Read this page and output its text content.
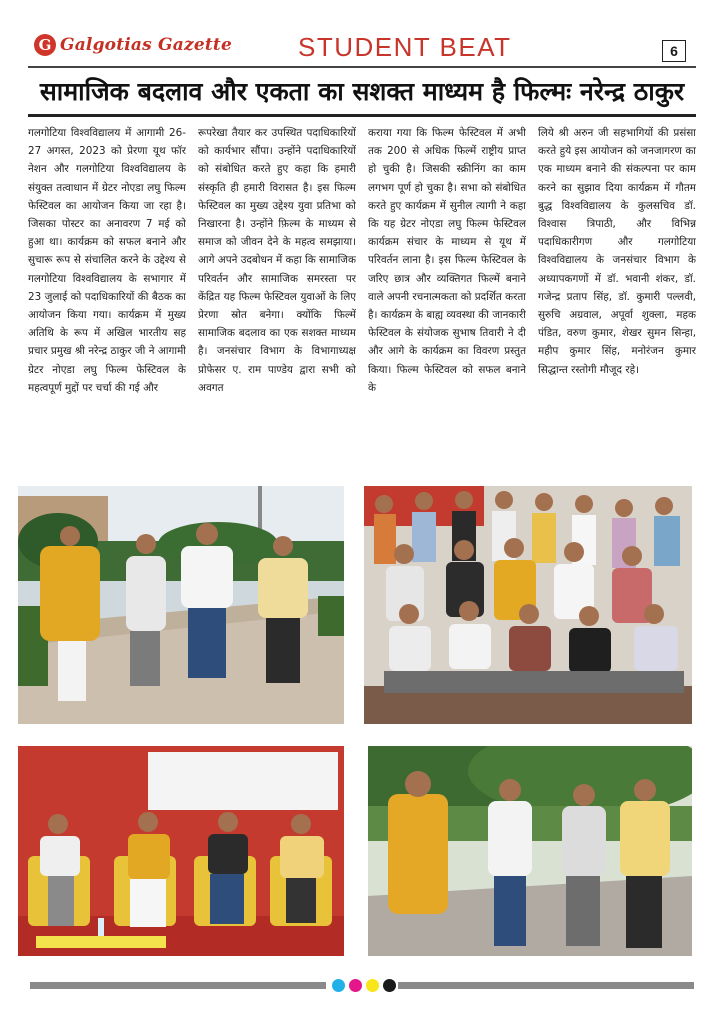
G Galgotias Gazette	STUDENT BEAT	6
सामाजिक बदलाव और एकता का सशक्त माध्यम है फिल्मः नरेन्द्र ठाकुर
गलगोटिया विश्वविद्यालय में आगामी 26-27 अगस्त, 2023 को प्रेरणा यूथ फॉर नेशन और गलगोटिया विश्वविद्यालय के संयुक्त तत्वाधान में ग्रेटर नोएडा लघु फिल्म फेस्टिवल का आयोजन किया जा रहा है। जिसका पोस्टर का अनावरण 7 मई को हुआ था। कार्यक्रम को सफल बनाने और सुचारू रूप से संचालित करने के उद्देश्य से गलगोटिया विश्वविद्यालय के सभागार में 23 जुलाई को पदाधिकारियों की बैठक का आयोजन किया गया। कार्यक्रम में मुख्य अतिथि के रूप में अखिल भारतीय सह प्रचार प्रमुख श्री नरेन्द्र ठाकुर जी ने आगामी ग्रेटर नोएडा लघु फिल्म फेस्टिवल के महत्वपूर्ण मुद्दों पर चर्चा की गई और
रूपरेखा तैयार कर उपस्थित पदाधिकारियों को कार्यभार सौंपा। उन्होंने पदाधिकारियों को संबोधित करते हुए कहा कि हमारी संस्कृति ही हमारी विरासत है। इस फिल्म फेस्टिवल का मुख्य उद्देश्य युवा प्रतिभा को निखारना है। उन्होंने फ़िल्म के माध्यम से समाज को जीवन देने के महत्व समझाया। आगे अपने उदबोधन में कहा कि सामाजिक परिवर्तन और सामाजिक समरस्ता पर केंद्रित यह फिल्म फेस्टिवल युवाओं के लिए प्रेरणा स्रोत बनेगा। क्योंकि फिल्में सामाजिक बदलाव का एक सशक्त माध्यम है। जनसंचार विभाग के विभागाध्यक्ष प्रोफेसर ए. राम पाण्डेय द्वारा सभी को अवगत
कराया गया कि फिल्म फेस्टिवल में अभी तक 200 से अधिक फिल्में राष्ट्रीय प्राप्त हो चुकी है। जिसकी स्क्रीनिंग का काम लगभग पूर्ण हो चुका है। सभा को संबोधित करते हुए कार्यक्रम में सुनील त्यागी ने कहा कि यह ग्रेटर नोएडा लघु फिल्म फेस्टिवल कार्यक्रम संचार के माध्यम से यूथ में परिवर्तन लाना है। इस फिल्म फेस्टिवल के जरिए छात्र और व्यक्तिगत फिल्में बनाने वाले अपनी रचनात्मकता को प्रदर्शित करता है। कार्यक्रम के बाह्य व्यवस्था की जानकारी फेस्टिवल के संयोजक सुभाष तिवारी ने दी और आगे के कार्यक्रम का विवरण प्रस्तुत किया। फिल्म फेस्टिवल को सफल बनाने के
लिये श्री अरुन जी सहभागियों की प्रसंसा करते हुये इस आयोजन को जनजागरण का एक माध्यम बनाने की संकल्पना पर काम करने का सुझाव दिया कार्यक्रम में गौतम बुद्ध विश्वविद्यालय के कुलसचिव डॉ. विश्वास त्रिपाठी, और विभिन्न पदाधिकारीगण और गलगोटिया विश्वविद्यालय के जनसंचार विभाग के अध्यापकगणों में डॉ. भवानी शंकर, डॉ. गजेन्द्र प्रताप सिंह, डॉ. कुमारी पल्लवी, सुरुचि अग्रवाल, अपूर्वा शुक्ला, महक पंडित, वरुण कुमार, शेखर सुमन सिन्हा, महीप कुमार सिंह, मनोरंजन कुमार सिद्धान्त रस्तोगी मौजूद रहे।
